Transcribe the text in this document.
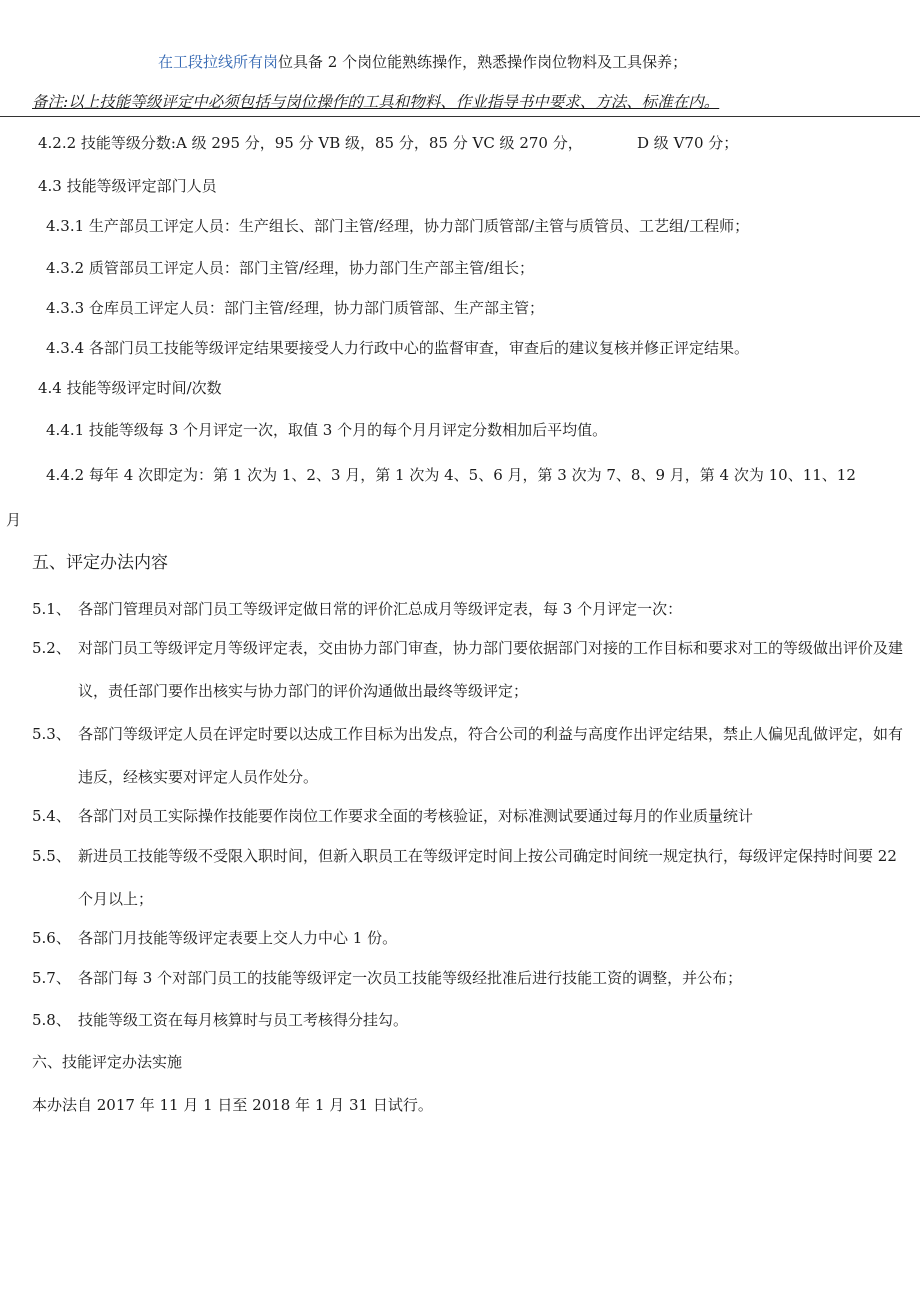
在工段拉线所有岗位具备 2 个岗位能熟练操作，熟悉操作岗位物料及工具保养；
备注:以上技能等级评定中必须包括与岗位操作的工具和物料、作业指导书中要求、方法、标准在内。
4.2.2 技能等级分数:A 级 295 分，95 分 VB 级，85 分，85 分 VC 级 270 分，	D 级 V70 分；
4.3 技能等级评定部门人员
4.3.1 生产部员工评定人员：生产组长、部门主管/经理，协力部门质管部/主管与质管员、工艺组/工程师；
4.3.2 质管部员工评定人员：部门主管/经理，协力部门生产部主管/组长；
4.3.3 仓库员工评定人员：部门主管/经理，协力部门质管部、生产部主管；
4.3.4 各部门员工技能等级评定结果要接受人力行政中心的监督审查，审查后的建议复核并修正评定结果。
4.4 技能等级评定时间/次数
4.4.1 技能等级每 3 个月评定一次，取值 3 个月的每个月月评定分数相加后平均值。
4.4.2 每年 4 次即定为：第 1 次为 1、2、3 月，第 1 次为 4、5、6 月，第 3 次为 7、8、9 月，第 4 次为 10、11、12
月
五、评定办法内容
5.1、 各部门管理员对部门员工等级评定做日常的评价汇总成月等级评定表，每 3 个月评定一次：
5.2、 对部门员工等级评定月等级评定表，交由协力部门审查，协力部门要依据部门对接的工作目标和要求对工的等级做出评价及建议，责任部门要作出核实与协力部门的评价沟通做出最终等级评定；
5.3、 各部门等级评定人员在评定时要以达成工作目标为出发点，符合公司的利益与高度作出评定结果，禁止人偏见乱做评定，如有违反，经核实要对评定人员作处分。
5.4、 各部门对员工实际操作技能要作岗位工作要求全面的考核验证，对标准测试要通过每月的作业质量统计
5.5、 新进员工技能等级不受限入职时间，但新入职员工在等级评定时间上按公司确定时间统一规定执行，每级评定保持时间要 22 个月以上；
5.6、 各部门月技能等级评定表要上交人力中心 1 份。
5.7、 各部门每 3 个对部门员工的技能等级评定一次员工技能等级经批准后进行技能工资的调整，并公布；
5.8、 技能等级工资在每月核算时与员工考核得分挂勾。
六、技能评定办法实施
本办法自 2017 年 11 月 1 日至 2018 年 1 月 31 日试行。
